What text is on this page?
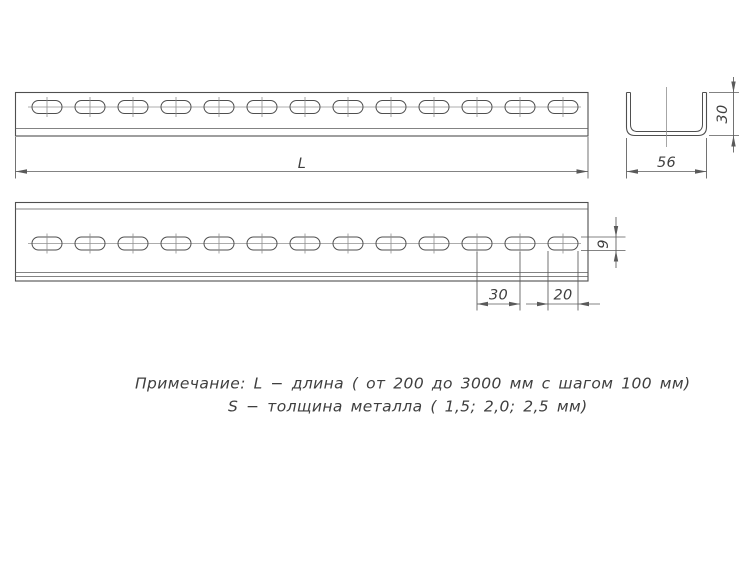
L
30	20
9
56
30
Примечание: L − длина ( от 200 до 3000 мм с шагом 100 мм)
S − толщина металла ( 1,5; 2,0; 2,5 мм)
